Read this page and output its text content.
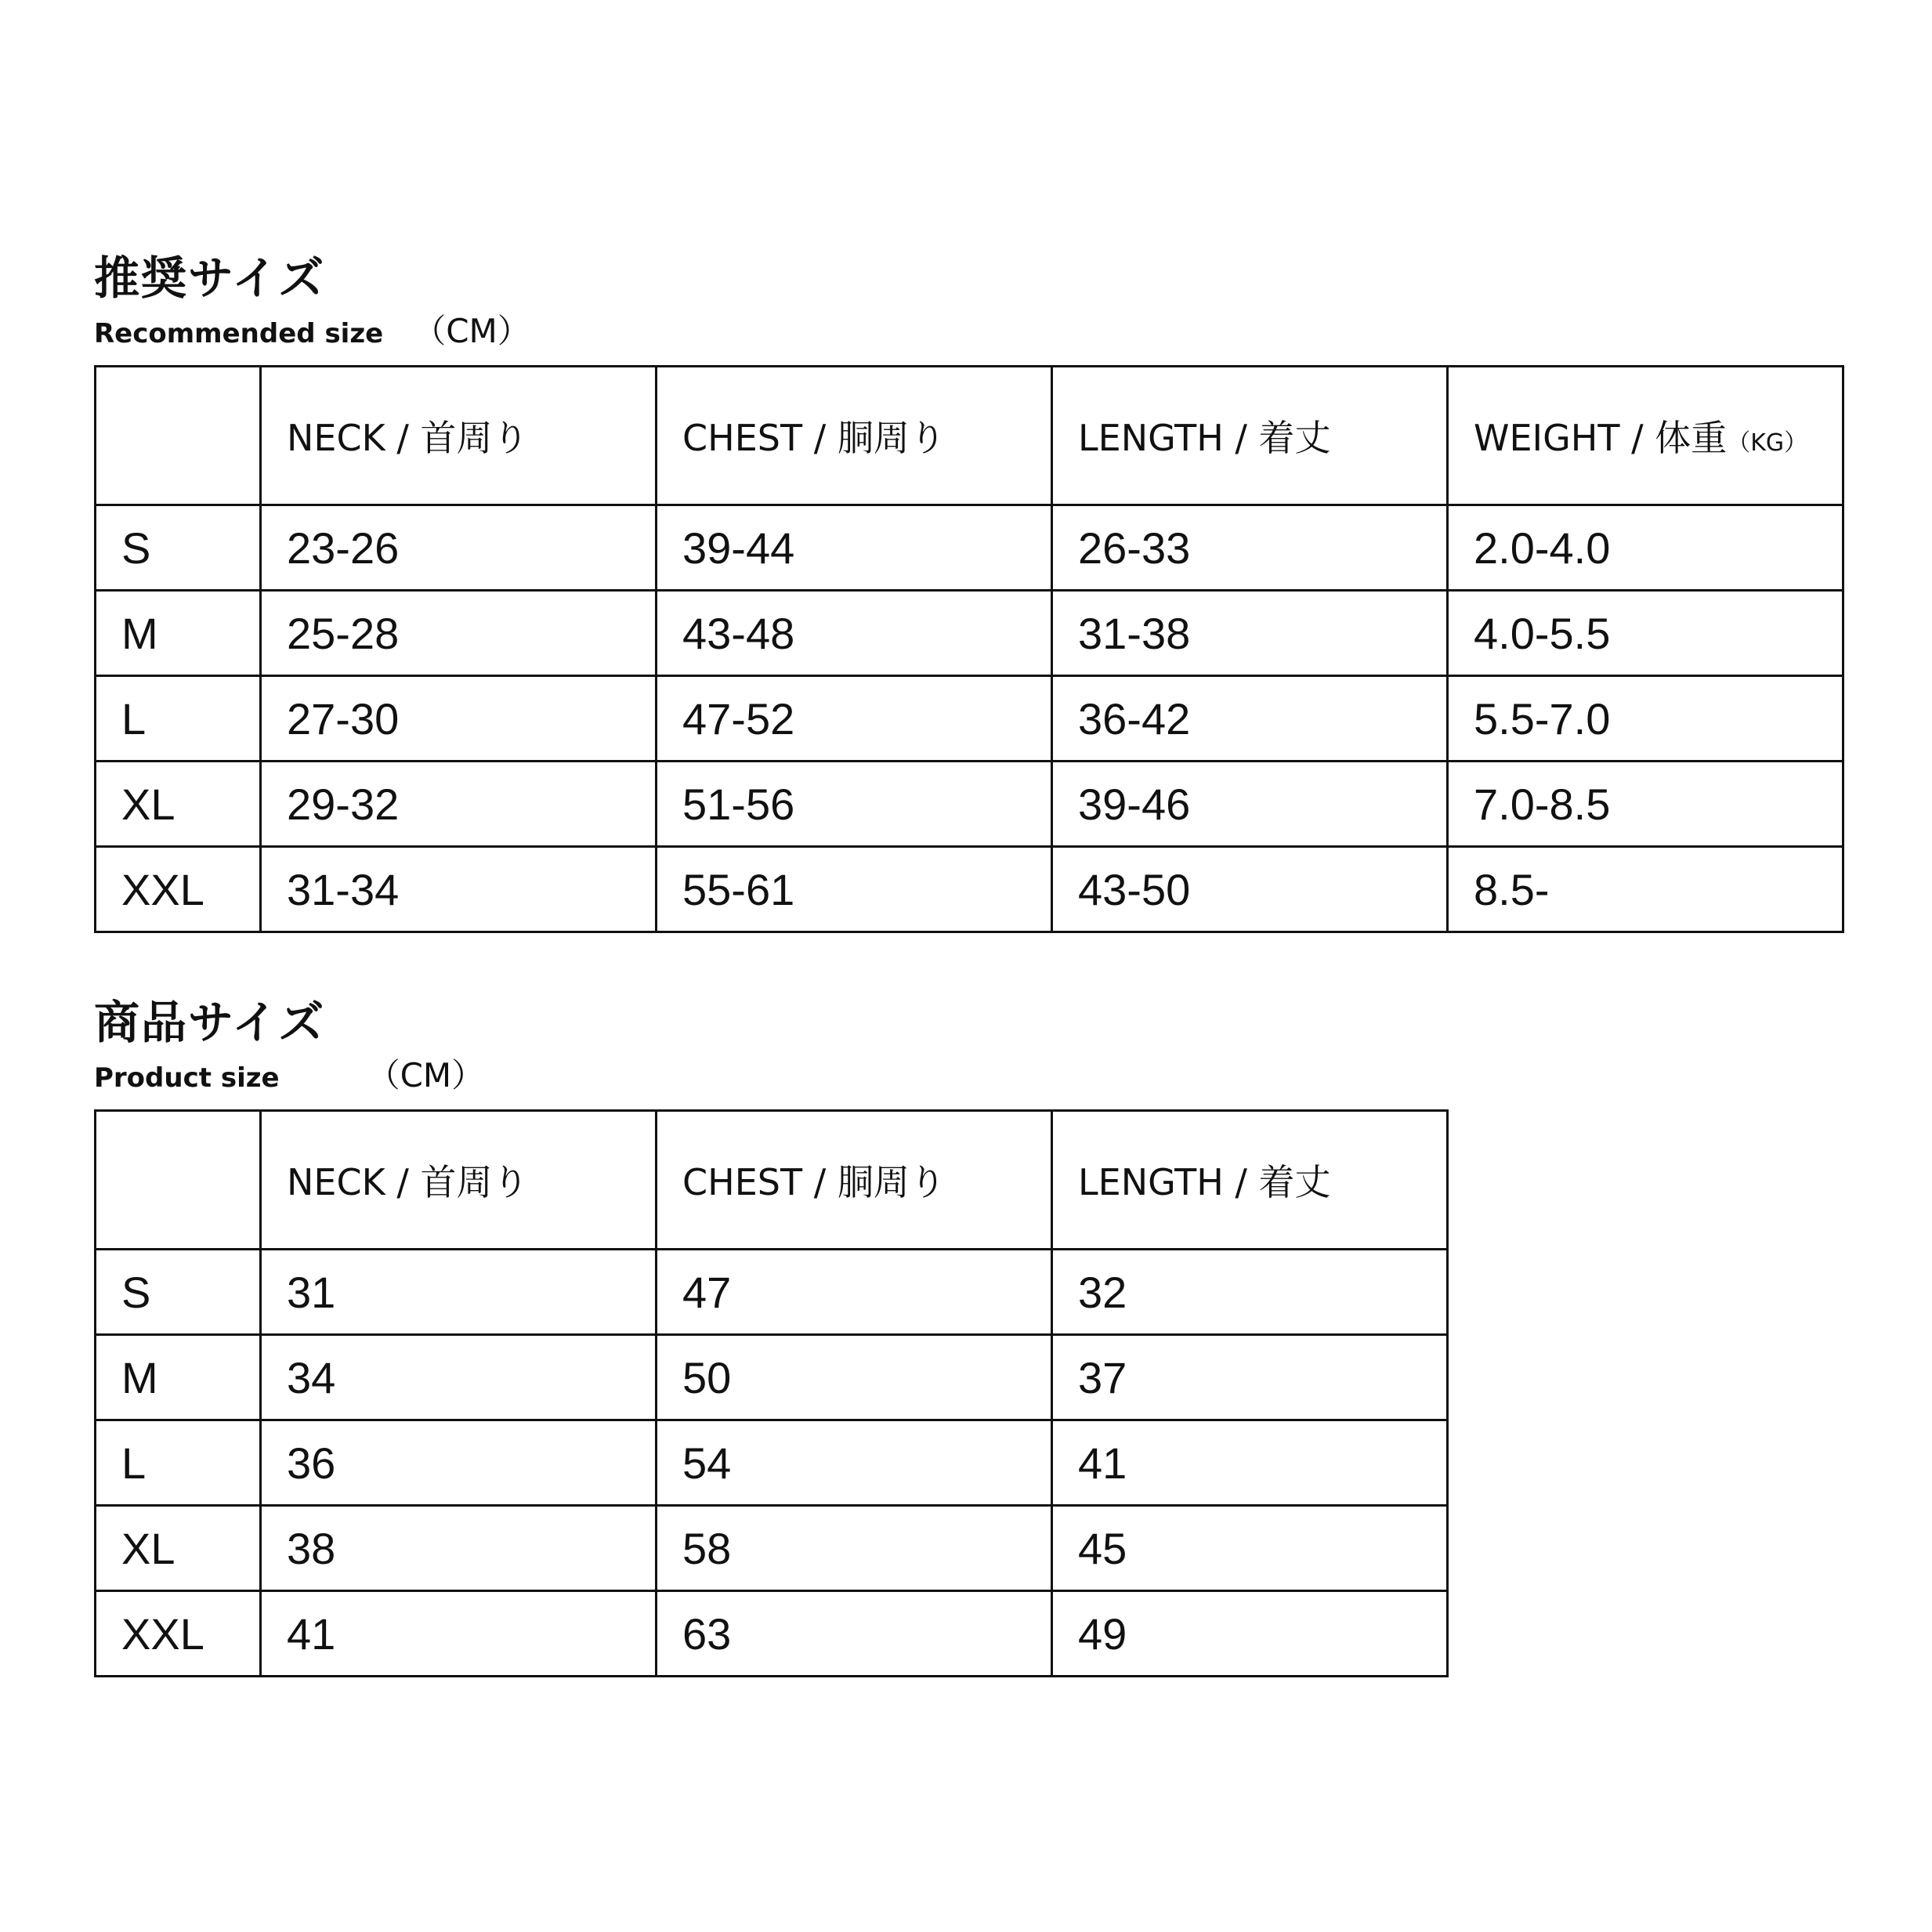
推奨サイズ
Recommended size （CM）
	NECK / 首周り	CHEST / 胴周り	LENGTH / 着丈	WEIGHT / 体重（KG）
S	23-26	39-44	26-33	2.0-4.0
M	25-28	43-48	31-38	4.0-5.5
L	27-30	47-52	36-42	5.5-7.0
XL	29-32	51-56	39-46	7.0-8.5
XXL	31-34	55-61	43-50	8.5-
商品サイズ
Product size	（CM）
	NECK / 首周り	CHEST / 胴周り	LENGTH / 着丈
S	31	47	32
M	34	50	37
L	36	54	41
XL	38	58	45
XXL	41	63	49
